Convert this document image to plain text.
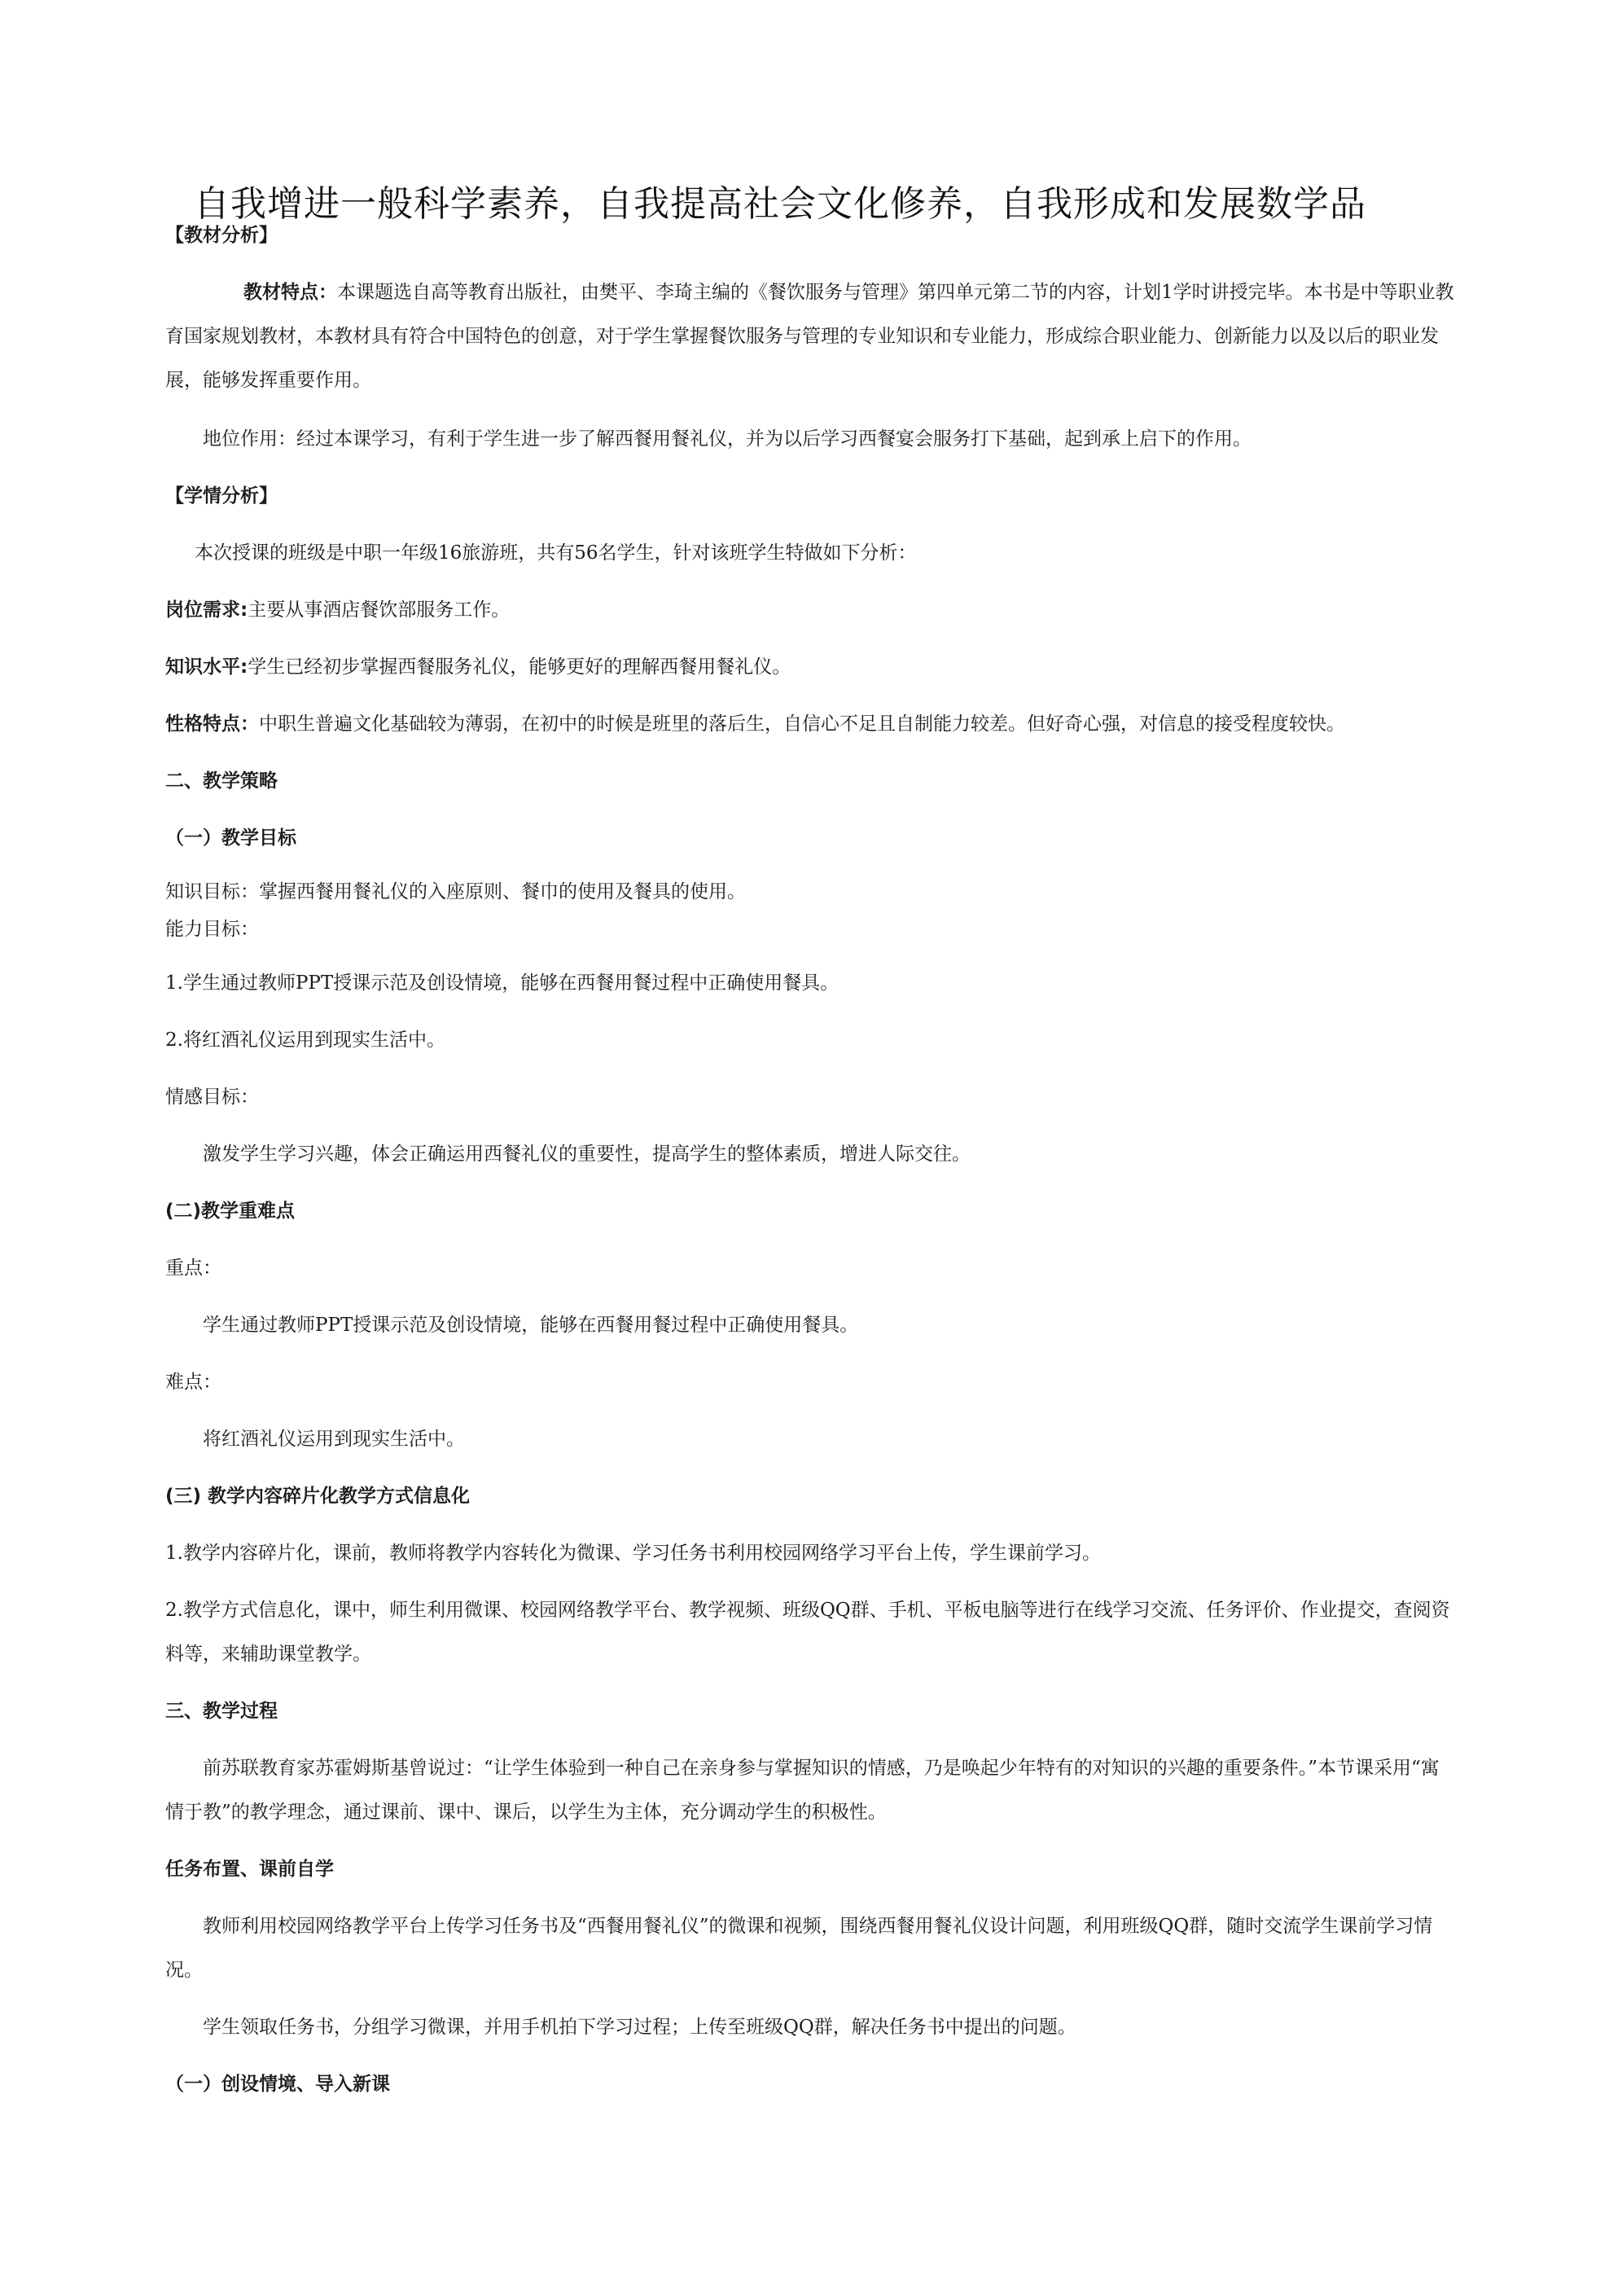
自我增进一般科学素养，自我提高社会文化修养，自我形成和发展数学品

【教材分析】

教材特点：本课题选自高等教育出版社，由樊平、李琦主编的《餐饮服务与管理》第四单元第二节的内容，计划1学时讲授完毕。本书是中等职业教育国家规划教材，本教材具有符合中国特色的创意，对于学生掌握餐饮服务与管理的专业知识和专业能力，形成综合职业能力、创新能力以及以后的职业发展，能够发挥重要作用。

地位作用：经过本课学习，有利于学生进一步了解西餐用餐礼仪，并为以后学习西餐宴会服务打下基础，起到承上启下的作用。

【学情分析】

本次授课的班级是中职一年级16旅游班，共有56名学生，针对该班学生特做如下分析：

岗位需求:主要从事酒店餐饮部服务工作。

知识水平:学生已经初步掌握西餐服务礼仪，能够更好的理解西餐用餐礼仪。

性格特点：中职生普遍文化基础较为薄弱，在初中的时候是班里的落后生，自信心不足且自制能力较差。但好奇心强，对信息的接受程度较快。

二、教学策略

（一）教学目标

知识目标：掌握西餐用餐礼仪的入座原则、餐巾的使用及餐具的使用。

能力目标：

1.学生通过教师PPT授课示范及创设情境，能够在西餐用餐过程中正确使用餐具。

2.将红酒礼仪运用到现实生活中。

情感目标：

激发学生学习兴趣，体会正确运用西餐礼仪的重要性，提高学生的整体素质，增进人际交往。

(二)教学重难点

重点：

学生通过教师PPT授课示范及创设情境，能够在西餐用餐过程中正确使用餐具。

难点：

将红酒礼仪运用到现实生活中。

(三) 教学内容碎片化教学方式信息化

1.教学内容碎片化，课前，教师将教学内容转化为微课、学习任务书利用校园网络学习平台上传，学生课前学习。

2.教学方式信息化，课中，师生利用微课、校园网络教学平台、教学视频、班级QQ群、手机、平板电脑等进行在线学习交流、任务评价、作业提交，查阅资料等，来辅助课堂教学。

三、教学过程

前苏联教育家苏霍姆斯基曾说过：“让学生体验到一种自己在亲身参与掌握知识的情感，乃是唤起少年特有的对知识的兴趣的重要条件。”本节课采用“寓情于教”的教学理念，通过课前、课中、课后，以学生为主体，充分调动学生的积极性。

任务布置、课前自学

教师利用校园网络教学平台上传学习任务书及“西餐用餐礼仪”的微课和视频，围绕西餐用餐礼仪设计问题，利用班级QQ群，随时交流学生课前学习情况。

学生领取任务书，分组学习微课，并用手机拍下学习过程；上传至班级QQ群，解决任务书中提出的问题。

（一）创设情境、导入新课
